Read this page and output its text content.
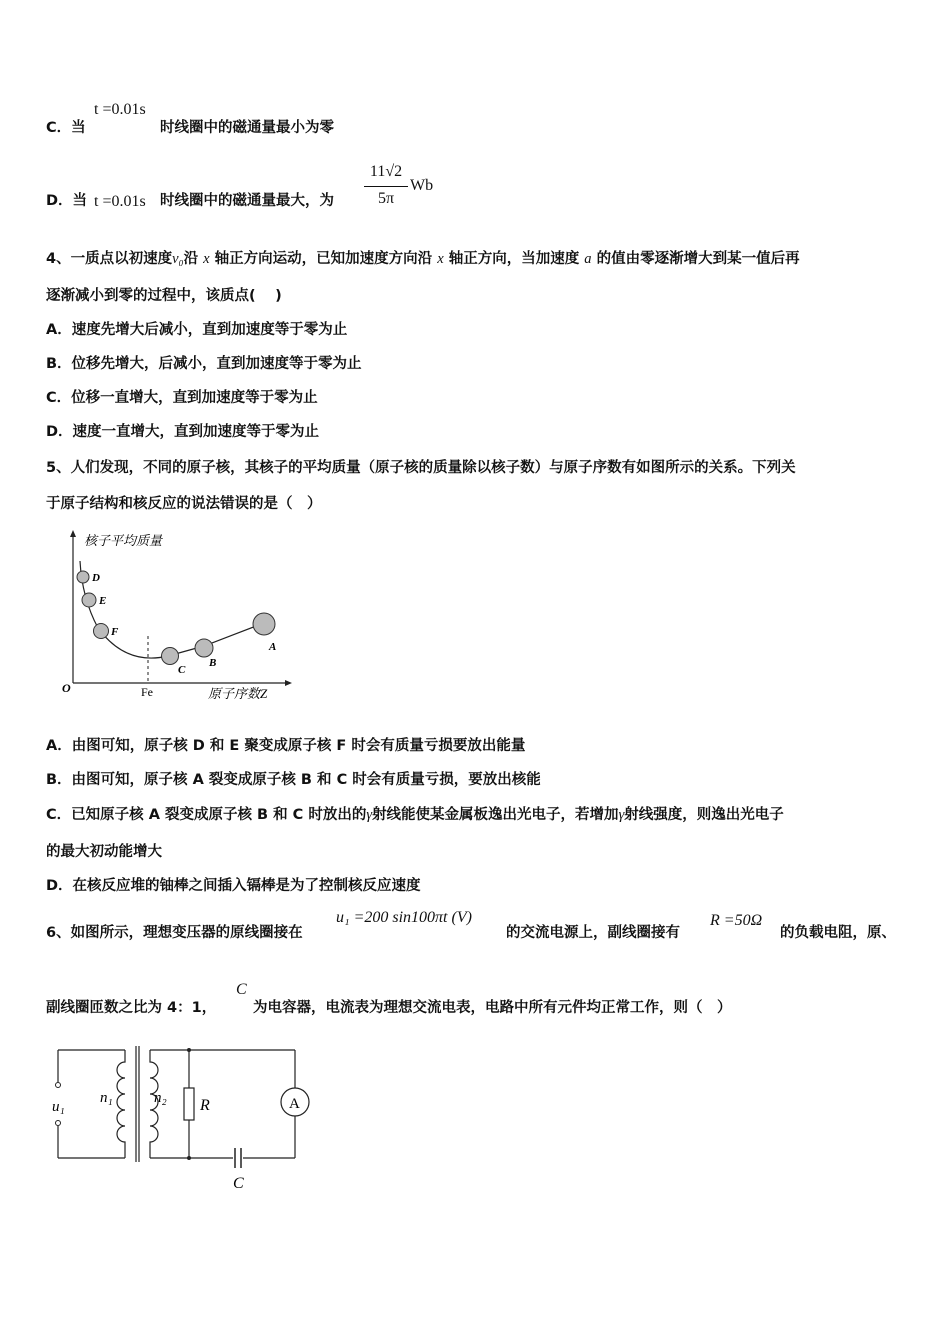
C．当
t =0.01s
时线圈中的磁通量最小为零
D．当 t =0.01s 时线圈中的磁通量最大，为
11√2
5π
Wb
4、一质点以初速度v₀沿 x 轴正方向运动，已知加速度方向沿 x 轴正方向，当加速度 a 的值由零逐渐增大到某一值后再
逐渐减小到零的过程中，该质点(　 )
A．速度先增大后减小，直到加速度等于零为止
B．位移先增大，后减小，直到加速度等于零为止
C．位移一直增大，直到加速度等于零为止
D．速度一直增大，直到加速度等于零为止
5、人们发现，不同的原子核，其核子的平均质量（原子核的质量除以核子数）与原子序数有如图所示的关系。下列关
于原子结构和核反应的说法错误的是（　）
核子平均质量
原子序数Z
O	Fe
D
E
F
C
B
A
A．由图可知，原子核 D 和 E 聚变成原子核 F 时会有质量亏损要放出能量
B．由图可知，原子核 A 裂变成原子核 B 和 C 时会有质量亏损，要放出核能
C．已知原子核 A 裂变成原子核 B 和 C 时放出的γ射线能使某金属板逸出光电子，若增加γ射线强度，则逸出光电子
的最大初动能增大
D．在核反应堆的铀棒之间插入镉棒是为了控制核反应速度
6、如图所示，理想变压器的原线圈接在
u₁ =200 sin100πt (V)
的交流电源上，副线圈接有
R =50Ω
的负载电阻，原、
副线圈匝数之比为 4：1，
C
为电容器，电流表为理想交流电表，电路中所有元件均正常工作，则（　）
u₁
n₁	n₂ R	A
C
